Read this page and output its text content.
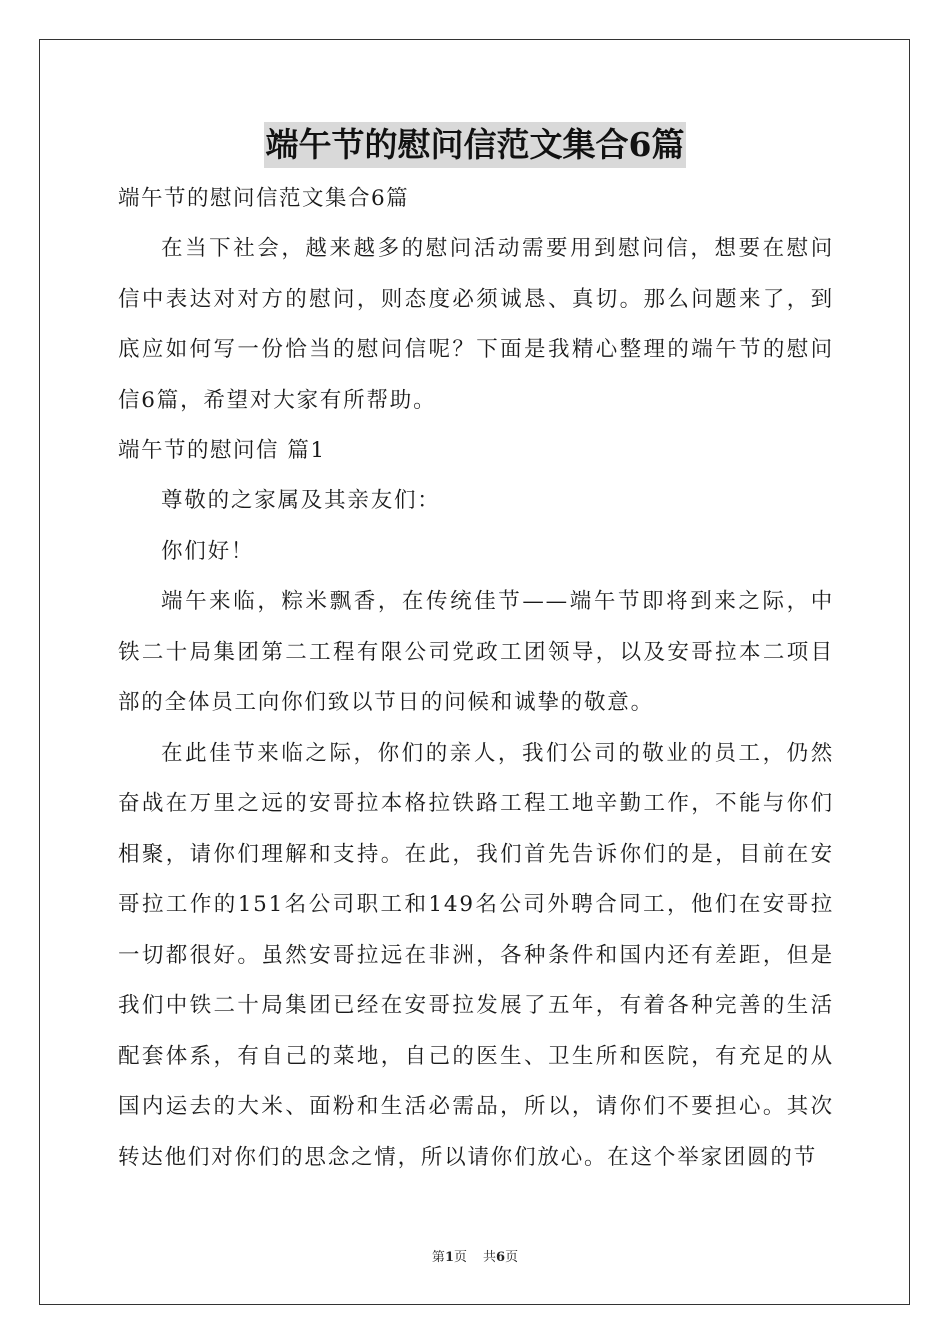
端午节的慰问信范文集合6篇

端午节的慰问信范文集合6篇

在当下社会，越来越多的慰问活动需要用到慰问信，想要在慰问信中表达对对方的慰问，则态度必须诚恳、真切。那么问题来了，到底应如何写一份恰当的慰问信呢？下面是我精心整理的端午节的慰问信6篇，希望对大家有所帮助。

端午节的慰问信 篇1

尊敬的之家属及其亲友们：

你们好！

端午来临，粽米飘香，在传统佳节——端午节即将到来之际，中铁二十局集团第二工程有限公司党政工团领导，以及安哥拉本二项目部的全体员工向你们致以节日的问候和诚挚的敬意。

在此佳节来临之际，你们的亲人，我们公司的敬业的员工，仍然奋战在万里之远的安哥拉本格拉铁路工程工地辛勤工作，不能与你们相聚，请你们理解和支持。在此，我们首先告诉你们的是，目前在安哥拉工作的151名公司职工和149名公司外聘合同工，他们在安哥拉一切都很好。虽然安哥拉远在非洲，各种条件和国内还有差距，但是我们中铁二十局集团已经在安哥拉发展了五年，有着各种完善的生活配套体系，有自己的菜地，自己的医生、卫生所和医院，有充足的从国内运去的大米、面粉和生活必需品，所以，请你们不要担心。其次转达他们对你们的思念之情，所以请你们放心。在这个举家团圆的节

第1页 共6页
